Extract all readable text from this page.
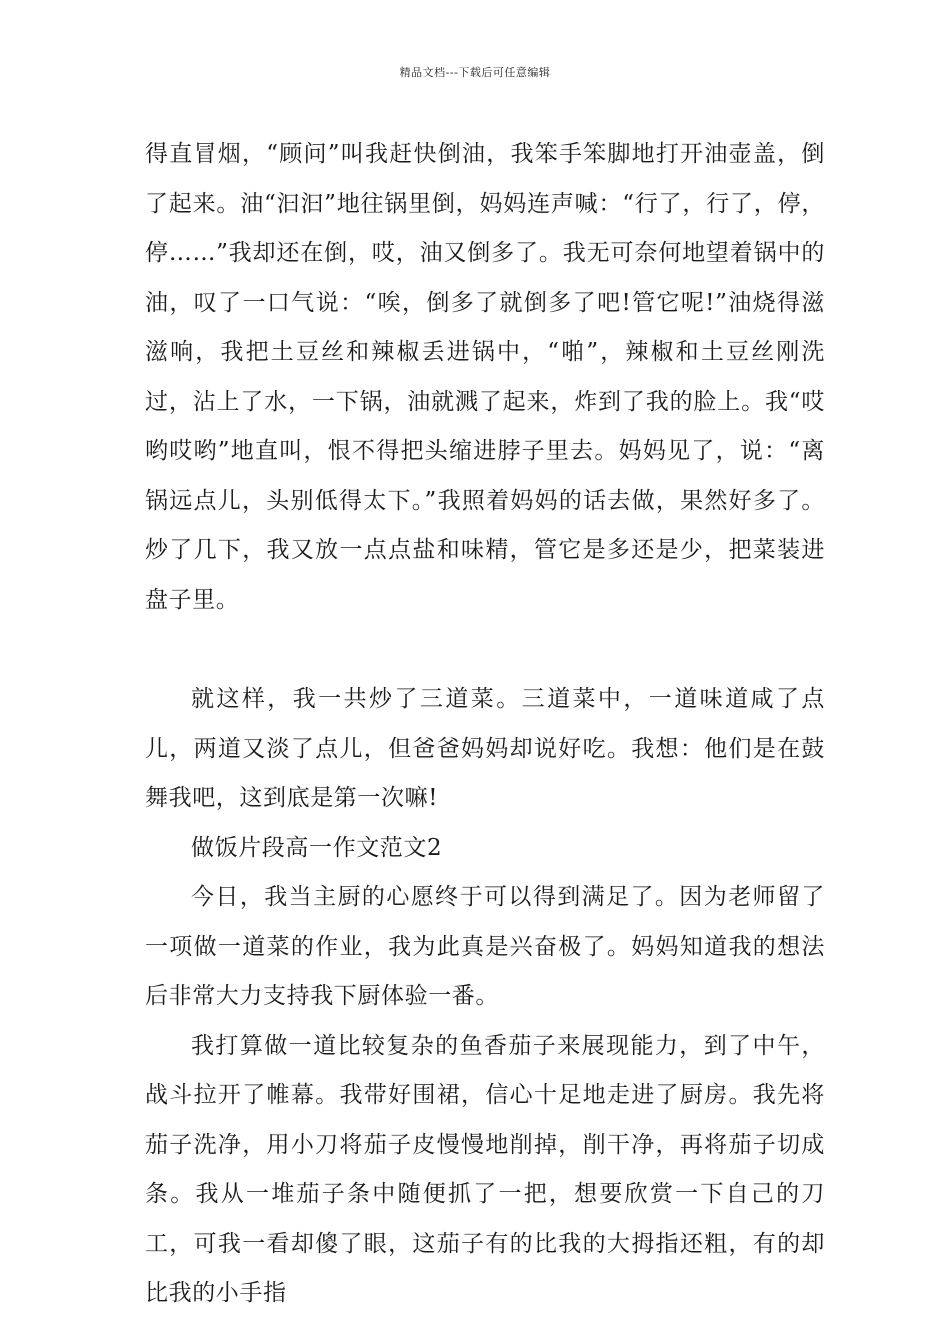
精品文档---下载后可任意编辑

得直冒烟，“顾问”叫我赶快倒油，我笨手笨脚地打开油壶盖，倒了起来。油“汩汩”地往锅里倒，妈妈连声喊：“行了，行了，停，停……”我却还在倒，哎，油又倒多了。我无可奈何地望着锅中的油，叹了一口气说：“唉，倒多了就倒多了吧!管它呢!”油烧得滋滋响，我把土豆丝和辣椒丢进锅中，“啪”，辣椒和土豆丝刚洗过，沾上了水，一下锅，油就溅了起来，炸到了我的脸上。我“哎哟哎哟”地直叫，恨不得把头缩进脖子里去。妈妈见了，说：“离锅远点儿，头别低得太下。”我照着妈妈的话去做，果然好多了。炒了几下，我又放一点点盐和味精，管它是多还是少，把菜装进盘子里。

就这样，我一共炒了三道菜。三道菜中，一道味道咸了点儿，两道又淡了点儿，但爸爸妈妈却说好吃。我想：他们是在鼓舞我吧，这到底是第一次嘛!

做饭片段高一作文范文2

今日，我当主厨的心愿终于可以得到满足了。因为老师留了一项做一道菜的作业，我为此真是兴奋极了。妈妈知道我的想法后非常大力支持我下厨体验一番。

我打算做一道比较复杂的鱼香茄子来展现能力，到了中午，战斗拉开了帷幕。我带好围裙，信心十足地走进了厨房。我先将茄子洗净，用小刀将茄子皮慢慢地削掉，削干净，再将茄子切成条。我从一堆茄子条中随便抓了一把，想要欣赏一下自己的刀工，可我一看却傻了眼，这茄子有的比我的大拇指还粗，有的却比我的小手指
